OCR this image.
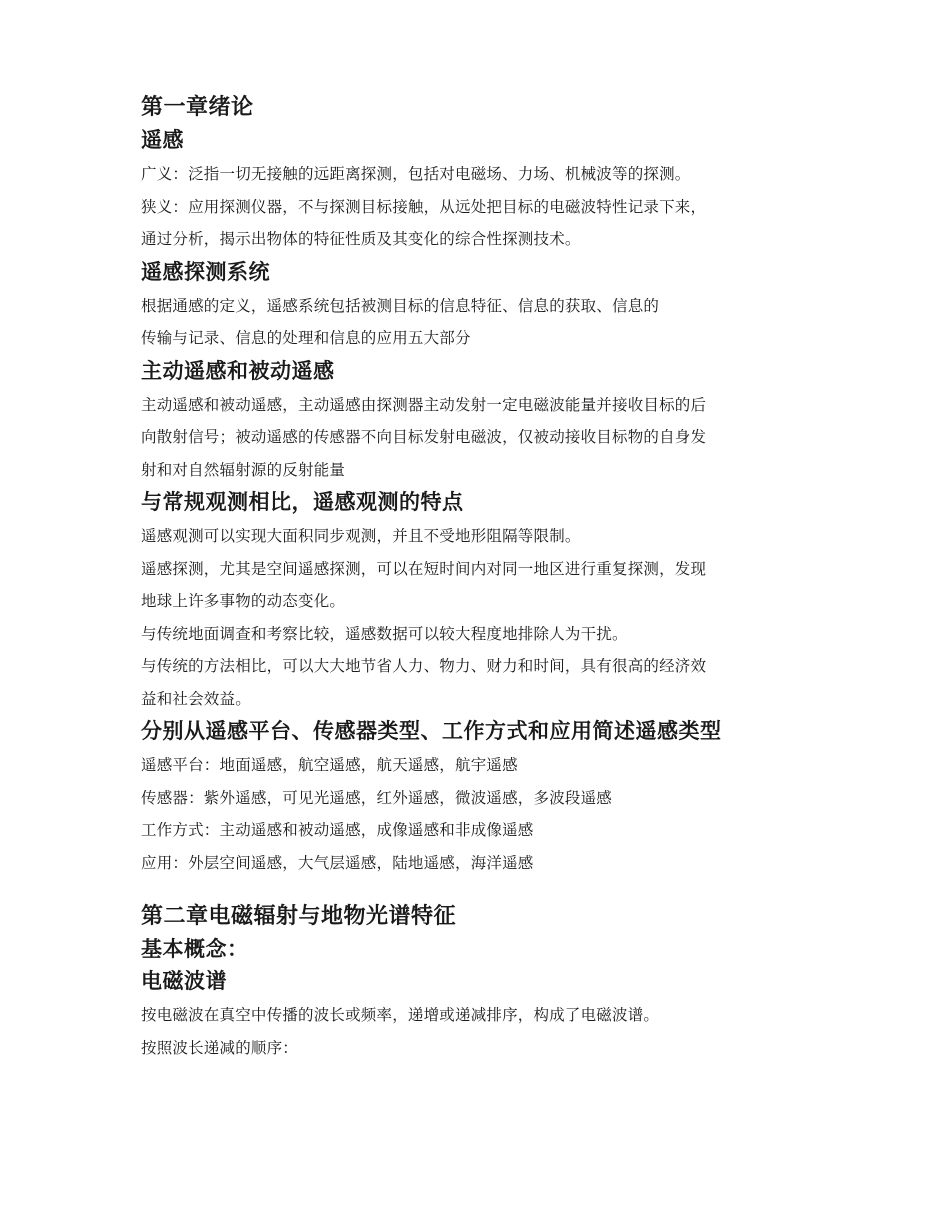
第一章绪论
遥感

广义：泛指一切无接触的远距离探测，包括对电磁场、力场、机械波等的探测。

狭义：应用探测仪器，不与探测目标接触，从远处把目标的电磁波特性记录下来，

通过分析，揭示出物体的特征性质及其变化的综合性探测技术。

遥感探测系统

根据通感的定义，遥感系统包括被测目标的信息特征、信息的获取、信息的

传输与记录、信息的处理和信息的应用五大部分

主动遥感和被动遥感

主动遥感和被动遥感，主动遥感由探测器主动发射一定电磁波能量并接收目标的后

向散射信号；被动遥感的传感器不向目标发射电磁波，仅被动接收目标物的自身发

射和对自然辐射源的反射能量

与常规观测相比，遥感观测的特点

遥感观测可以实现大面积同步观测，并且不受地形阻隔等限制。

遥感探测，尤其是空间遥感探测，可以在短时间内对同一地区进行重复探测，发现

地球上许多事物的动态变化。

与传统地面调查和考察比较，遥感数据可以较大程度地排除人为干扰。

与传统的方法相比，可以大大地节省人力、物力、财力和时间，具有很高的经济效

益和社会效益。

分别从遥感平台、传感器类型、工作方式和应用简述遥感类型

遥感平台：地面遥感，航空遥感，航天遥感，航宇遥感

传感器：紫外遥感，可见光遥感，红外遥感，微波遥感，多波段遥感

工作方式：主动遥感和被动遥感，成像遥感和非成像遥感

应用：外层空间遥感，大气层遥感，陆地遥感，海洋遥感

第二章电磁辐射与地物光谱特征
基本概念：
电磁波谱

按电磁波在真空中传播的波长或频率，递增或递减排序，构成了电磁波谱。

按照波长递减的顺序：
